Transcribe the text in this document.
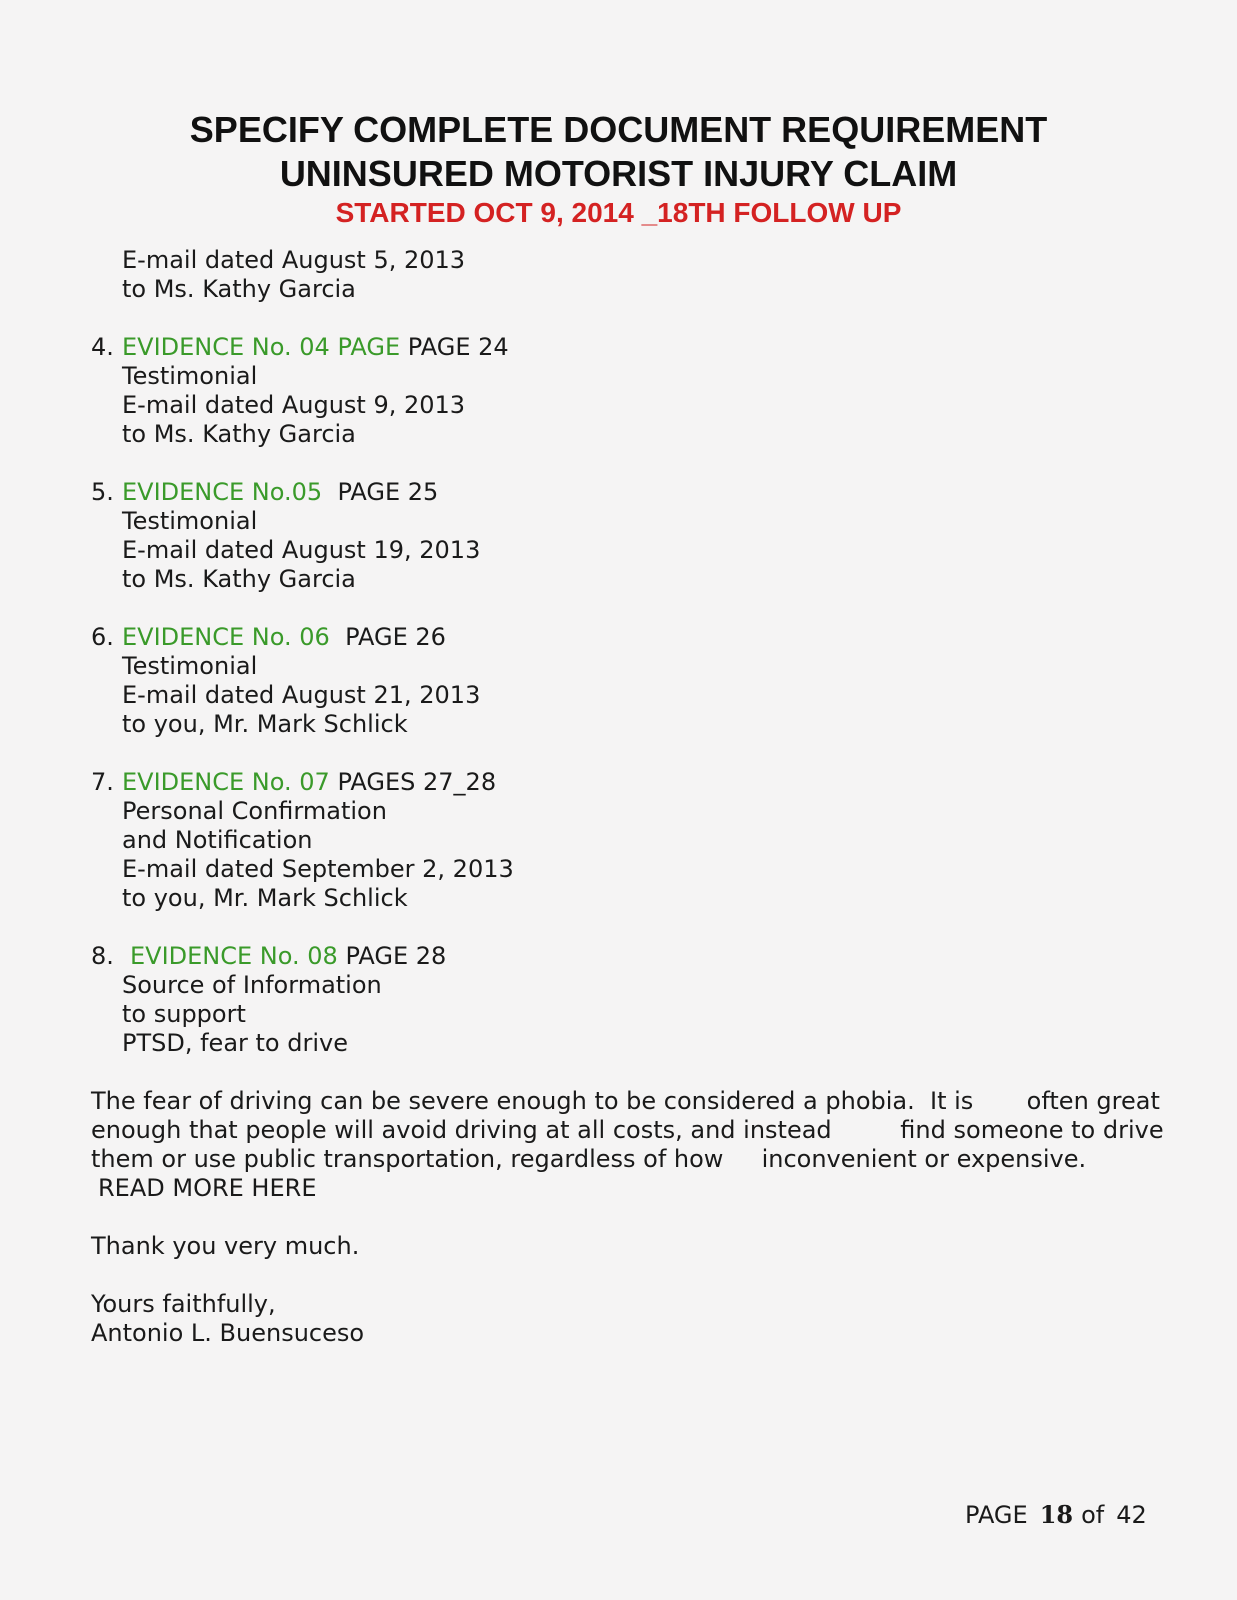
SPECIFY COMPLETE DOCUMENT REQUIREMENT
UNINSURED MOTORIST INJURY CLAIM
STARTED OCT 9, 2014 _18TH FOLLOW UP
E-mail dated August 5, 2013
to Ms. Kathy Garcia
4. EVIDENCE No. 04 PAGE PAGE 24
Testimonial
E-mail dated August 9, 2013
to Ms. Kathy Garcia
5. EVIDENCE No.05  PAGE 25
Testimonial
E-mail dated August 19, 2013
to Ms. Kathy Garcia
6. EVIDENCE No. 06  PAGE 26
Testimonial
E-mail dated August 21, 2013
to you, Mr. Mark Schlick
7. EVIDENCE No. 07 PAGES 27_28
Personal Confirmation
and Notification
E-mail dated September 2, 2013
to you, Mr. Mark Schlick
8. EVIDENCE No. 08 PAGE 28
Source of Information
to support
PTSD, fear to drive
The fear of driving can be severe enough to be considered a phobia.  It is       often great
enough that people will avoid driving at all costs, and instead         find someone to drive
them or use public transportation, regardless of how     inconvenient or expensive.
READ MORE HERE
Thank you very much.
Yours faithfully,
Antonio L. Buensuceso
PAGE 18 of 42
